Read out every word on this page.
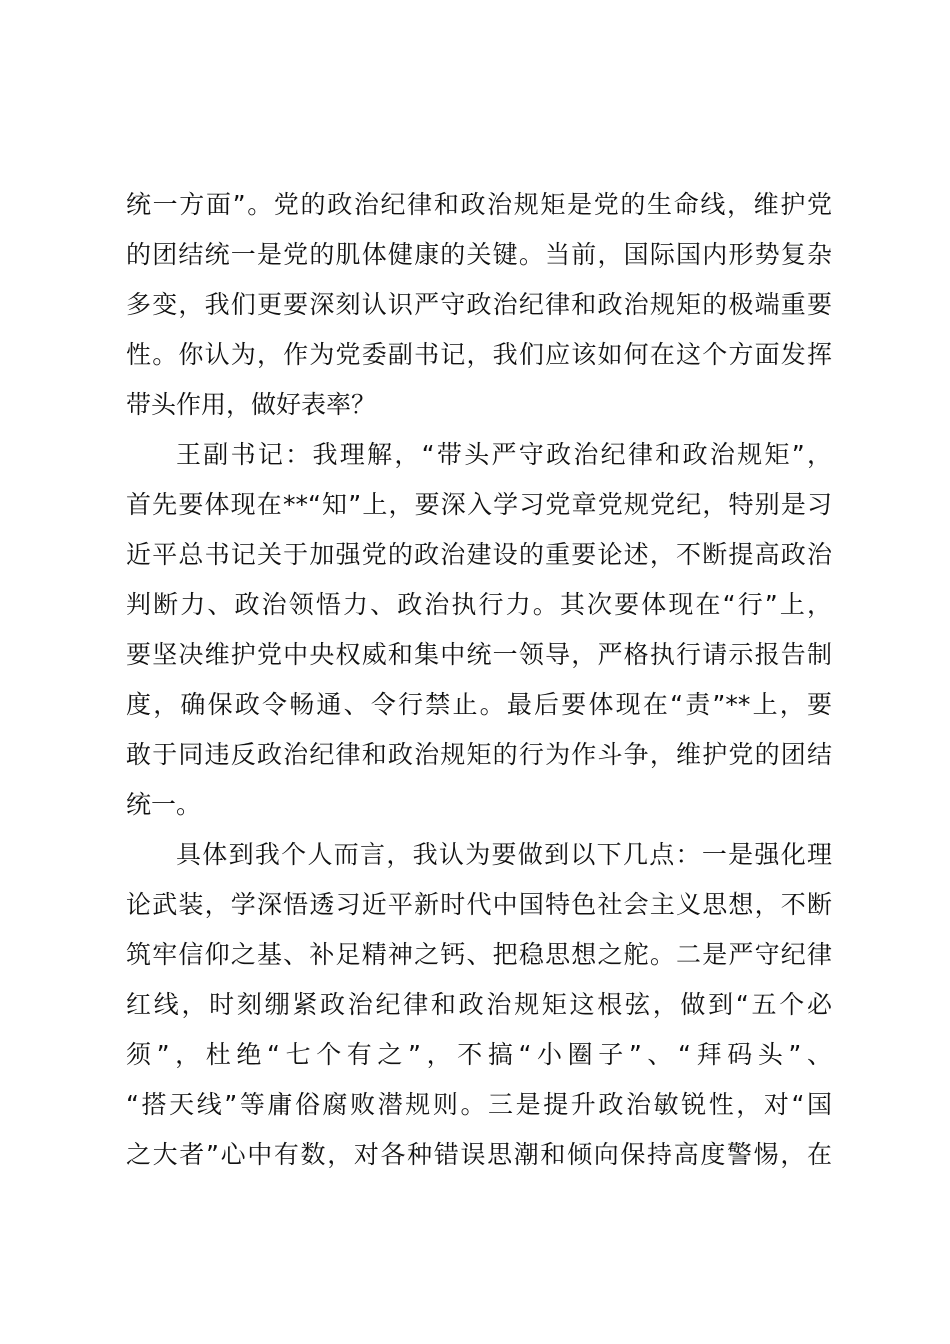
统一方面”。党的政治纪律和政治规矩是党的生命线，维护党
的团结统一是党的肌体健康的关键。当前，国际国内形势复杂
多变，我们更要深刻认识严守政治纪律和政治规矩的极端重要
性。你认为，作为党委副书记，我们应该如何在这个方面发挥
带头作用，做好表率？
王副书记：我理解，“带头严守政治纪律和政治规矩”，
首先要体现在**“知”上，要深入学习党章党规党纪，特别是习
近平总书记关于加强党的政治建设的重要论述，不断提高政治
判断力、政治领悟力、政治执行力。其次要体现在“行”上，
要坚决维护党中央权威和集中统一领导，严格执行请示报告制
度，确保政令畅通、令行禁止。最后要体现在“责”**上，要
敢于同违反政治纪律和政治规矩的行为作斗争，维护党的团结
统一。
具体到我个人而言，我认为要做到以下几点：一是强化理
论武装，学深悟透习近平新时代中国特色社会主义思想，不断
筑牢信仰之基、补足精神之钙、把稳思想之舵。二是严守纪律
红线，时刻绷紧政治纪律和政治规矩这根弦，做到“五个必
须”，杜绝“七个有之”，不搞“小圈子”、“拜码头”、
“搭天线”等庸俗腐败潜规则。三是提升政治敏锐性，对“国
之大者”心中有数，对各种错误思潮和倾向保持高度警惕，在
